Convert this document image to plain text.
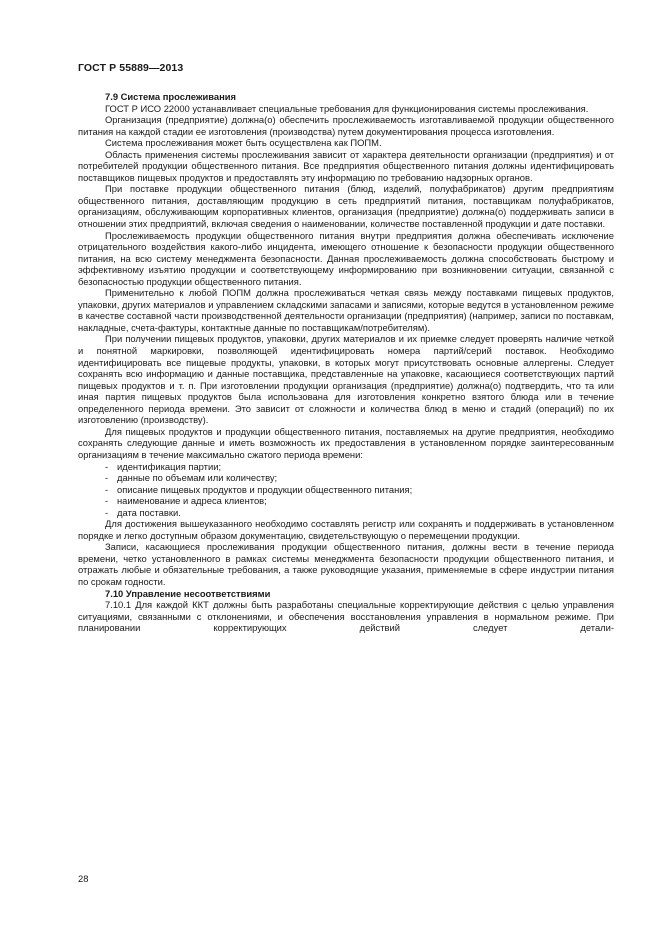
ГОСТ Р 55889—2013

7.9 Система прослеживания

ГОСТ Р ИСО 22000 устанавливает специальные требования для функционирования системы прослеживания.

Организация (предприятие) должна(о) обеспечить прослеживаемость изготавливаемой продукции общественного питания на каждой стадии ее изготовления (производства) путем документирования процесса изготовления.

Система прослеживания может быть осуществлена как ПОПМ.

Область применения системы прослеживания зависит от характера деятельности организации (предприятия) и от потребителей продукции общественного питания. Все предприятия общественного питания должны идентифицировать поставщиков пищевых продуктов и предоставлять эту информацию по требованию надзорных органов.

При поставке продукции общественного питания (блюд, изделий, полуфабрикатов) другим предприятиям общественного питания, доставляющим продукцию в сеть предприятий питания, поставщикам полуфабрикатов, организациям, обслуживающим корпоративных клиентов, организация (предприятие) должна(о) поддерживать записи в отношении этих предприятий, включая сведения о наименовании, количестве поставленной продукции и дате поставки.

Прослеживаемость продукции общественного питания внутри предприятия должна обеспечивать исключение отрицательного воздействия какого-либо инцидента, имеющего отношение к безопасности продукции общественного питания, на всю систему менеджмента безопасности. Данная прослеживаемость должна способствовать быстрому и эффективному изъятию продукции и соответствующему информированию при возникновении ситуации, связанной с безопасностью продукции общественного питания.

Применительно к любой ПОПМ должна прослеживаться четкая связь между поставками пищевых продуктов, упаковки, других материалов и управлением складскими запасами и записями, которые ведутся в установленном режиме в качестве составной части производственной деятельности организации (предприятия) (например, записи по поставкам, накладные, счета-фактуры, контактные данные по поставщикам/потребителям).

При получении пищевых продуктов, упаковки, других материалов и их приемке следует проверять наличие четкой и понятной маркировки, позволяющей идентифицировать номера партий/серий поставок. Необходимо идентифицировать все пищевые продукты, упаковки, в которых могут присутствовать основные аллергены. Следует сохранять всю информацию и данные поставщика, представленные на упаковке, касающиеся соответствующих партий пищевых продуктов и т. п. При изготовлении продукции организация (предприятие) должна(о) подтвердить, что та или иная партия пищевых продуктов была использована для изготовления конкретно взятого блюда или в течение определенного периода времени. Это зависит от сложности и количества блюд в меню и стадий (операций) по их изготовлению (производству).

Для пищевых продуктов и продукции общественного питания, поставляемых на другие предприятия, необходимо сохранять следующие данные и иметь возможность их предоставления в установленном порядке заинтересованным организациям в течение максимально сжатого периода времени:

- идентификация партии;

- данные по объемам или количеству;

- описание пищевых продуктов и продукции общественного питания;

- наименование и адреса клиентов;

- дата поставки.

Для достижения вышеуказанного необходимо составлять регистр или сохранять и поддерживать в установленном порядке и легко доступным образом документацию, свидетельствующую о перемещении продукции.

Записи, касающиеся прослеживания продукции общественного питания, должны вести в течение периода времени, четко установленного в рамках системы менеджмента безопасности продукции общественного питания, и отражать любые и обязательные требования, а также руководящие указания, применяемые в сфере индустрии питания по срокам годности.

7.10 Управление несоответствиями

7.10.1 Для каждой ККТ должны быть разработаны специальные корректирующие действия с целью управления ситуациями, связанными с отклонениями, и обеспечения восстановления управления в нормальном режиме. При планировании корректирующих действий следует детали-

28
